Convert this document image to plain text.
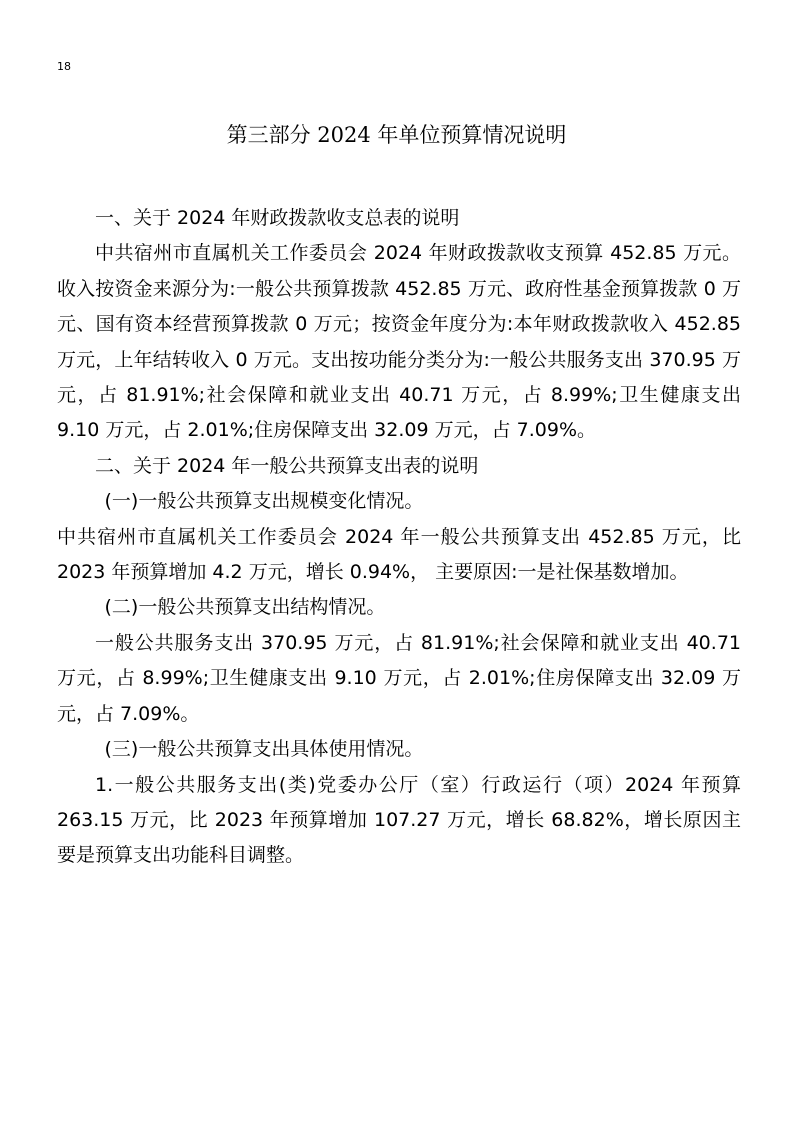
18
第三部分 2024 年单位预算情况说明

一、关于 2024 年财政拨款收支总表的说明

中共宿州市直属机关工作委员会 2024 年财政拨款收支预算 452.85 万元。收入按资金来源分为:一般公共预算拨款 452.85 万元、政府性基金预算拨款 0 万元、国有资本经营预算拨款 0 万元；按资金年度分为:本年财政拨款收入 452.85 万元，上年结转收入 0 万元。支出按功能分类分为:一般公共服务支出 370.95 万元，占 81.91%;社会保障和就业支出 40.71 万元，占 8.99%;卫生健康支出 9.10 万元，占 2.01%;住房保障支出 32.09 万元，占 7.09%。

二、关于 2024 年一般公共预算支出表的说明

(一)一般公共预算支出规模变化情况。

中共宿州市直属机关工作委员会 2024 年一般公共预算支出 452.85 万元，比 2023 年预算增加 4.2 万元，增长 0.94%， 主要原因:一是社保基数增加。

(二)一般公共预算支出结构情况。

一般公共服务支出 370.95 万元，占 81.91%;社会保障和就业支出 40.71 万元，占 8.99%;卫生健康支出 9.10 万元，占 2.01%;住房保障支出 32.09 万元，占 7.09%。

(三)一般公共预算支出具体使用情况。

1.一般公共服务支出(类)党委办公厅（室）行政运行（项）2024 年预算 263.15 万元，比 2023 年预算增加 107.27 万元，增长 68.82%，增长原因主要是预算支出功能科目调整。
